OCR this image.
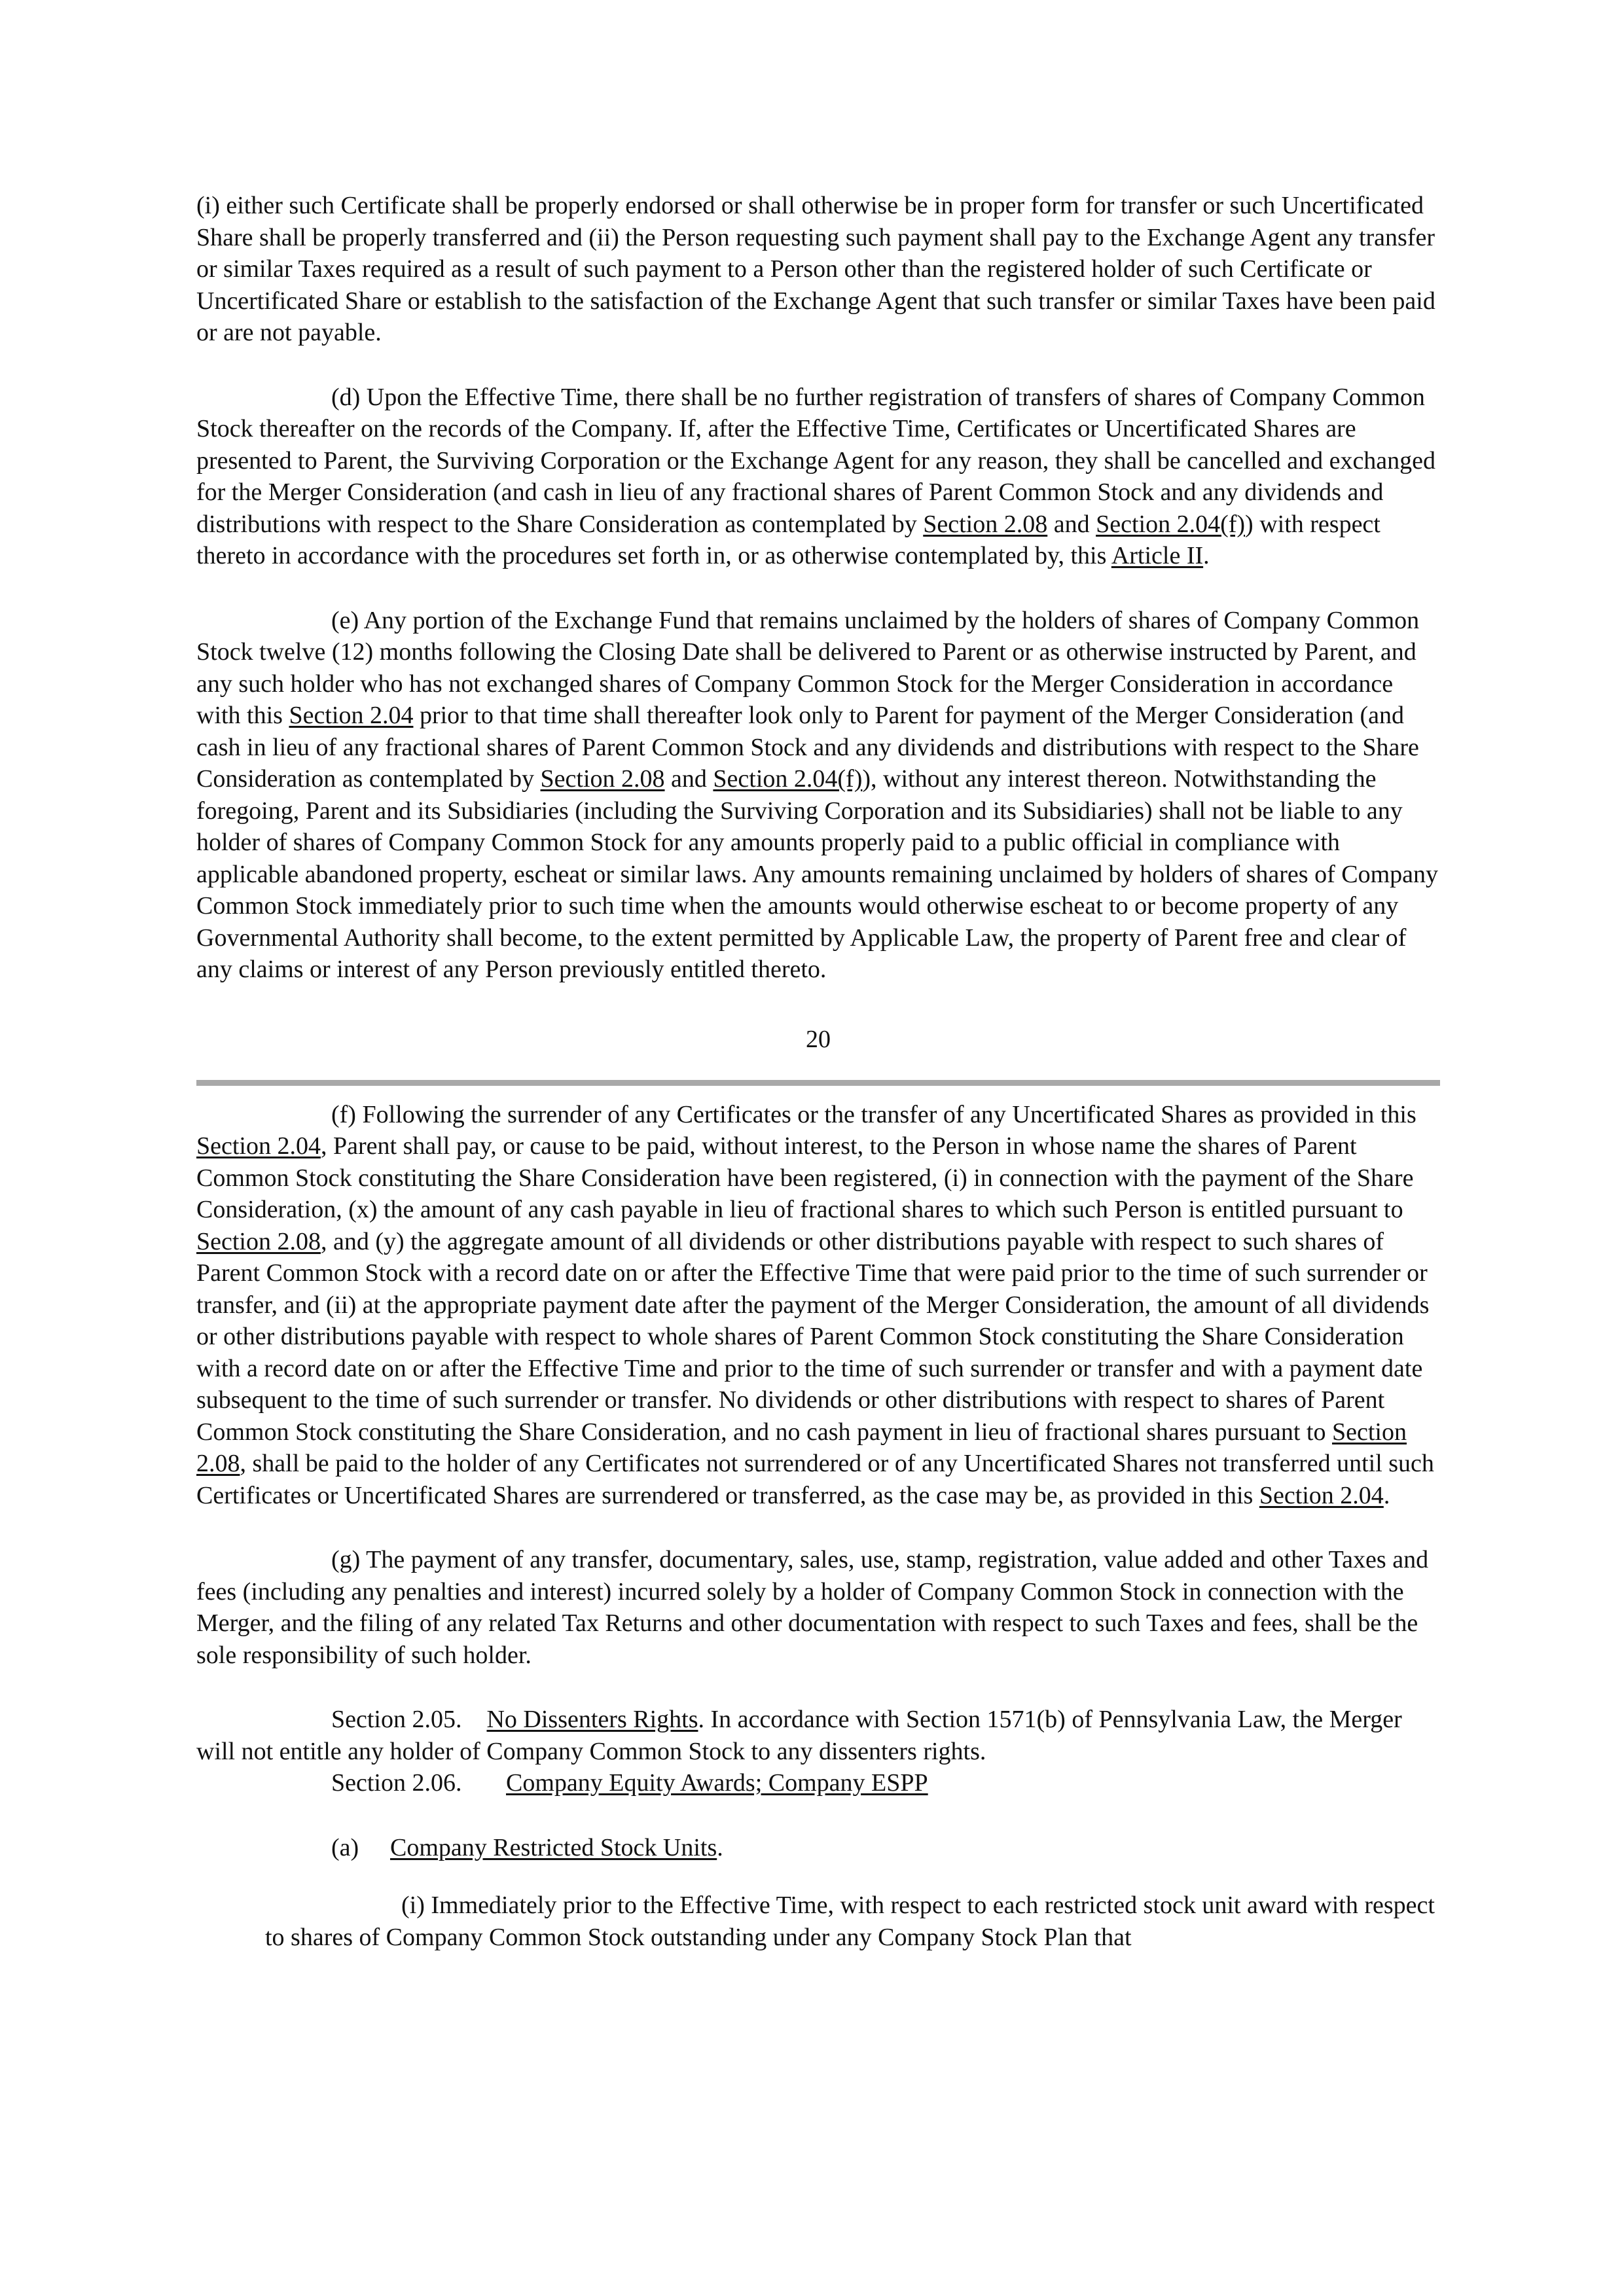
(i) either such Certificate shall be properly endorsed or shall otherwise be in proper form for transfer or such Uncertificated Share shall be properly transferred and (ii) the Person requesting such payment shall pay to the Exchange Agent any transfer or similar Taxes required as a result of such payment to a Person other than the registered holder of such Certificate or Uncertificated Share or establish to the satisfaction of the Exchange Agent that such transfer or similar Taxes have been paid or are not payable.

(d) Upon the Effective Time, there shall be no further registration of transfers of shares of Company Common Stock thereafter on the records of the Company. If, after the Effective Time, Certificates or Uncertificated Shares are presented to Parent, the Surviving Corporation or the Exchange Agent for any reason, they shall be cancelled and exchanged for the Merger Consideration (and cash in lieu of any fractional shares of Parent Common Stock and any dividends and distributions with respect to the Share Consideration as contemplated by Section 2.08 and Section 2.04(f)) with respect thereto in accordance with the procedures set forth in, or as otherwise contemplated by, this Article II.

(e) Any portion of the Exchange Fund that remains unclaimed by the holders of shares of Company Common Stock twelve (12) months following the Closing Date shall be delivered to Parent or as otherwise instructed by Parent, and any such holder who has not exchanged shares of Company Common Stock for the Merger Consideration in accordance with this Section 2.04 prior to that time shall thereafter look only to Parent for payment of the Merger Consideration (and cash in lieu of any fractional shares of Parent Common Stock and any dividends and distributions with respect to the Share Consideration as contemplated by Section 2.08 and Section 2.04(f)), without any interest thereon. Notwithstanding the foregoing, Parent and its Subsidiaries (including the Surviving Corporation and its Subsidiaries) shall not be liable to any holder of shares of Company Common Stock for any amounts properly paid to a public official in compliance with applicable abandoned property, escheat or similar laws. Any amounts remaining unclaimed by holders of shares of Company Common Stock immediately prior to such time when the amounts would otherwise escheat to or become property of any Governmental Authority shall become, to the extent permitted by Applicable Law, the property of Parent free and clear of any claims or interest of any Person previously entitled thereto.

20

(f) Following the surrender of any Certificates or the transfer of any Uncertificated Shares as provided in this Section 2.04, Parent shall pay, or cause to be paid, without interest, to the Person in whose name the shares of Parent Common Stock constituting the Share Consideration have been registered, (i) in connection with the payment of the Share Consideration, (x) the amount of any cash payable in lieu of fractional shares to which such Person is entitled pursuant to Section 2.08, and (y) the aggregate amount of all dividends or other distributions payable with respect to such shares of Parent Common Stock with a record date on or after the Effective Time that were paid prior to the time of such surrender or transfer, and (ii) at the appropriate payment date after the payment of the Merger Consideration, the amount of all dividends or other distributions payable with respect to whole shares of Parent Common Stock constituting the Share Consideration with a record date on or after the Effective Time and prior to the time of such surrender or transfer and with a payment date subsequent to the time of such surrender or transfer. No dividends or other distributions with respect to shares of Parent Common Stock constituting the Share Consideration, and no cash payment in lieu of fractional shares pursuant to Section 2.08, shall be paid to the holder of any Certificates not surrendered or of any Uncertificated Shares not transferred until such Certificates or Uncertificated Shares are surrendered or transferred, as the case may be, as provided in this Section 2.04.

(g) The payment of any transfer, documentary, sales, use, stamp, registration, value added and other Taxes and fees (including any penalties and interest) incurred solely by a holder of Company Common Stock in connection with the Merger, and the filing of any related Tax Returns and other documentation with respect to such Taxes and fees, shall be the sole responsibility of such holder.

Section 2.05. No Dissenters Rights. In accordance with Section 1571(b) of Pennsylvania Law, the Merger will not entitle any holder of Company Common Stock to any dissenters rights.

Section 2.06. Company Equity Awards; Company ESPP

(a) Company Restricted Stock Units.

(i) Immediately prior to the Effective Time, with respect to each restricted stock unit award with respect to shares of Company Common Stock outstanding under any Company Stock Plan that
